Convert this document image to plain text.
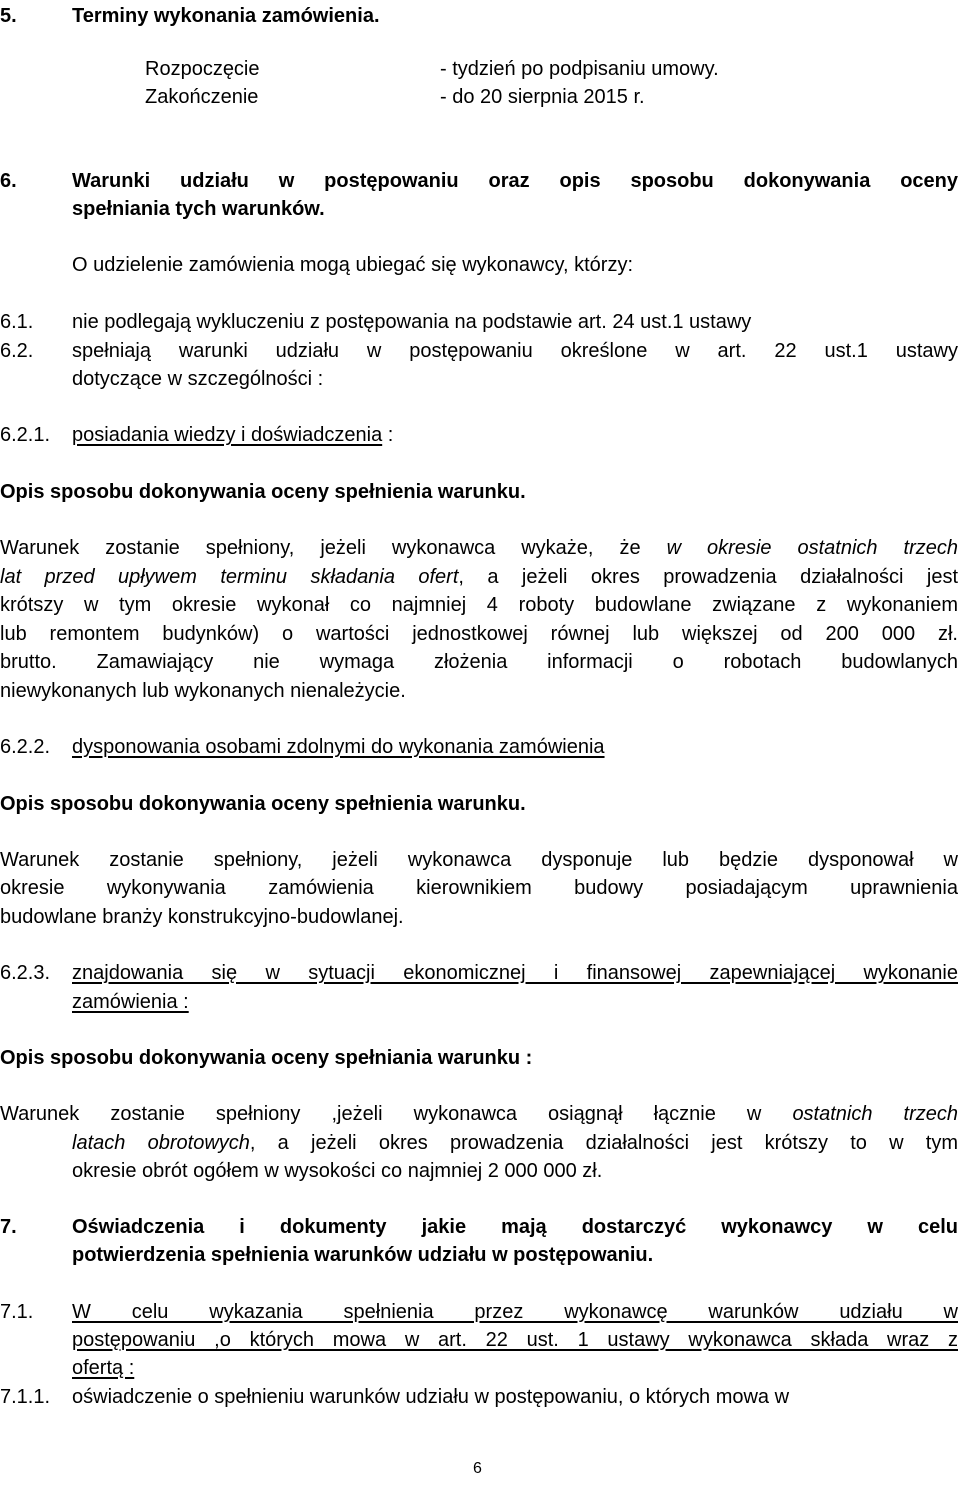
5.	Terminy wykonania zamówienia.
Rozpoczęcie	- tydzień po podpisaniu umowy.
Zakończenie	- do 20 sierpnia 2015 r.
6.	Warunki udziału w postępowaniu oraz opis sposobu dokonywania oceny
spełniania tych warunków.
O udzielenie zamówienia mogą ubiegać się wykonawcy, którzy:
6.1. nie podlegają wykluczeniu z postępowania na podstawie art. 24 ust.1 ustawy
6.2. spełniają warunki udziału w postępowaniu określone w art. 22 ust.1 ustawy
dotyczące w szczególności :
6.2.1. posiadania wiedzy i doświadczenia :
Opis sposobu dokonywania oceny spełnienia warunku.
Warunek zostanie spełniony, jeżeli wykonawca wykaże, że w okresie ostatnich trzech
lat przed upływem terminu składania ofert, a jeżeli okres prowadzenia działalności jest
krótszy w tym okresie wykonał co najmniej 4 roboty budowlane związane z wykonaniem
lub remontem budynków) o wartości jednostkowej równej lub większej od 200 000 zł.
brutto. Zamawiający nie wymaga złożenia informacji o robotach budowlanych
niewykonanych lub wykonanych nienależycie.
6.2.2. dysponowania osobami zdolnymi do wykonania zamówienia
Opis sposobu dokonywania oceny spełnienia warunku.
Warunek zostanie spełniony, jeżeli wykonawca dysponuje lub będzie dysponował w
okresie wykonywania zamówienia kierownikiem budowy posiadającym uprawnienia
budowlane branży konstrukcyjno-budowlanej.
6.2.3. znajdowania się w sytuacji ekonomicznej i finansowej zapewniającej wykonanie
zamówienia :
Opis sposobu dokonywania oceny spełniania warunku :
Warunek zostanie spełniony ,jeżeli wykonawca osiągnął łącznie w ostatnich trzech
latach obrotowych, a jeżeli okres prowadzenia działalności jest krótszy to w tym
okresie obrót ogółem w wysokości co najmniej 2 000 000 zł.
7.	Oświadczenia i dokumenty jakie mają dostarczyć wykonawcy w celu
potwierdzenia spełnienia warunków udziału w postępowaniu.
7.1. W celu wykazania spełnienia przez wykonawcę warunków udziału w
postępowaniu ,o których mowa w art. 22 ust. 1 ustawy wykonawca składa wraz z
ofertą :
7.1.1. oświadczenie o spełnieniu warunków udziału w postępowaniu, o których mowa w
6
